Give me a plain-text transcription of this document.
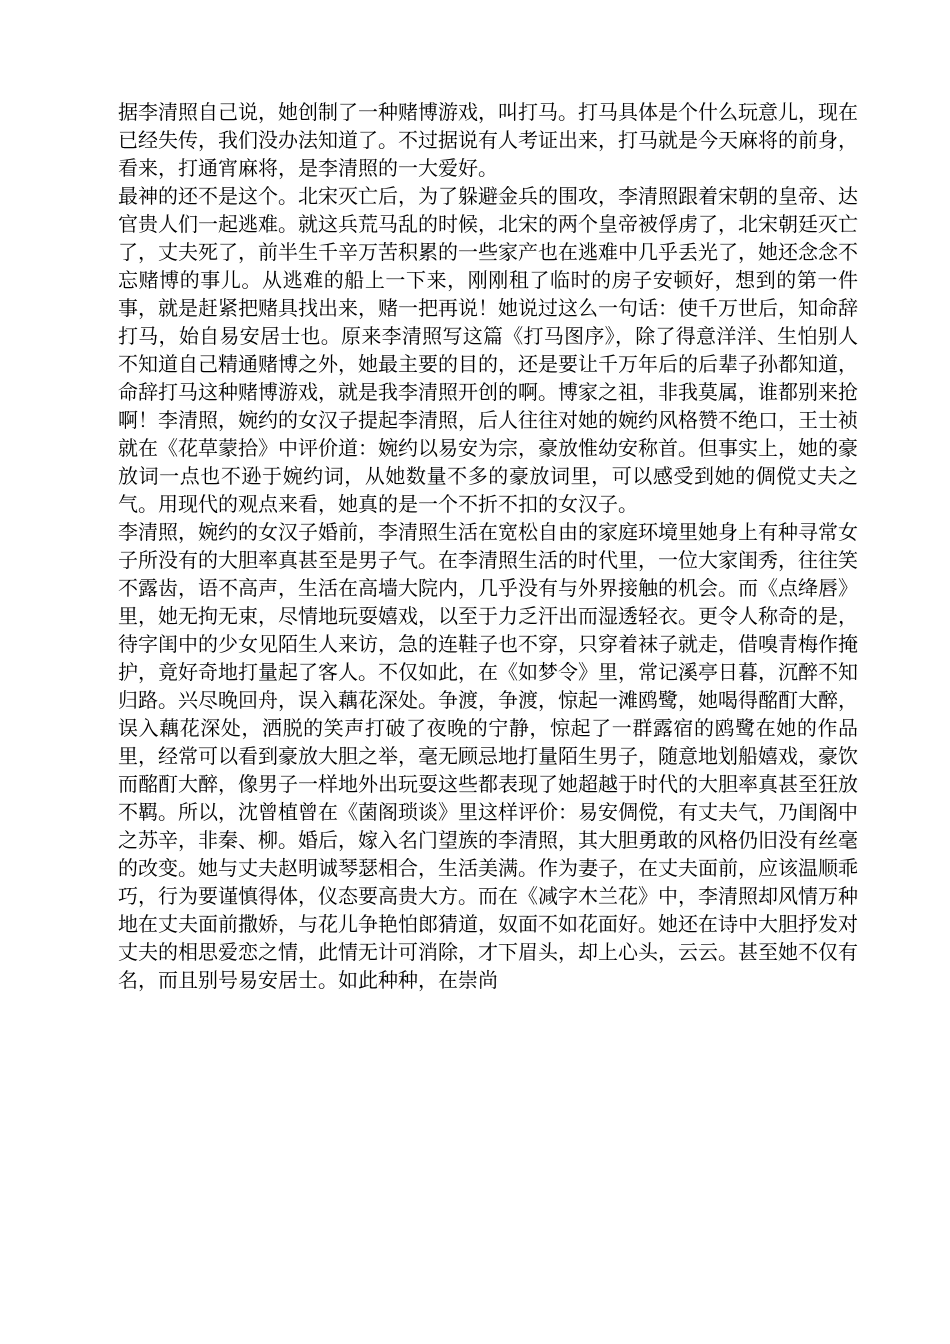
据李清照自己说，她创制了一种赌博游戏，叫打马。打马具体是个什么玩意儿，现在已经失传，我们没办法知道了。不过据说有人考证出来，打马就是今天麻将的前身，看来，打通宵麻将，是李清照的一大爱好。

最神的还不是这个。北宋灭亡后，为了躲避金兵的围攻，李清照跟着宋朝的皇帝、达官贵人们一起逃难。就这兵荒马乱的时候，北宋的两个皇帝被俘虏了，北宋朝廷灭亡了，丈夫死了，前半生千辛万苦积累的一些家产也在逃难中几乎丢光了，她还念念不忘赌博的事儿。从逃难的船上一下来，刚刚租了临时的房子安顿好，想到的第一件事，就是赶紧把赌具找出来，赌一把再说！她说过这么一句话：使千万世后，知命辞打马，始自易安居士也。原来李清照写这篇《打马图序》，除了得意洋洋、生怕别人不知道自己精通赌博之外，她最主要的目的，还是要让千万年后的后辈子孙都知道，命辞打马这种赌博游戏，就是我李清照开创的啊。博家之祖，非我莫属，谁都别来抢啊！李清照，婉约的女汉子提起李清照，后人往往对她的婉约风格赞不绝口，王士祯就在《花草蒙拾》中评价道：婉约以易安为宗，豪放惟幼安称首。但事实上，她的豪放词一点也不逊于婉约词，从她数量不多的豪放词里，可以感受到她的倜傥丈夫之气。用现代的观点来看，她真的是一个不折不扣的女汉子。

李清照，婉约的女汉子婚前，李清照生活在宽松自由的家庭环境里她身上有种寻常女子所没有的大胆率真甚至是男子气。在李清照生活的时代里，一位大家闺秀，往往笑不露齿，语不高声，生活在高墙大院内，几乎没有与外界接触的机会。而《点绛唇》里，她无拘无束，尽情地玩耍嬉戏，以至于力乏汗出而湿透轻衣。更令人称奇的是，待字闺中的少女见陌生人来访，急的连鞋子也不穿，只穿着袜子就走，借嗅青梅作掩护，竟好奇地打量起了客人。不仅如此，在《如梦令》里，常记溪亭日暮，沉醉不知归路。兴尽晚回舟，误入藕花深处。争渡，争渡，惊起一滩鸥鹭，她喝得酩酊大醉，误入藕花深处，洒脱的笑声打破了夜晚的宁静，惊起了一群露宿的鸥鹭在她的作品里，经常可以看到豪放大胆之举，毫无顾忌地打量陌生男子，随意地划船嬉戏，豪饮而酩酊大醉，像男子一样地外出玩耍这些都表现了她超越于时代的大胆率真甚至狂放不羁。所以，沈曾植曾在《菌阁琐谈》里这样评价：易安倜傥，有丈夫气，乃闺阁中之苏辛，非秦、柳。婚后，嫁入名门望族的李清照，其大胆勇敢的风格仍旧没有丝毫的改变。她与丈夫赵明诚琴瑟相合，生活美满。作为妻子，在丈夫面前，应该温顺乖巧，行为要谨慎得体，仪态要高贵大方。而在《减字木兰花》中，李清照却风情万种地在丈夫面前撒娇，与花儿争艳怕郎猜道，奴面不如花面好。她还在诗中大胆抒发对丈夫的相思爱恋之情，此情无计可消除，才下眉头，却上心头，云云。甚至她不仅有名，而且别号易安居士。如此种种，在崇尚
